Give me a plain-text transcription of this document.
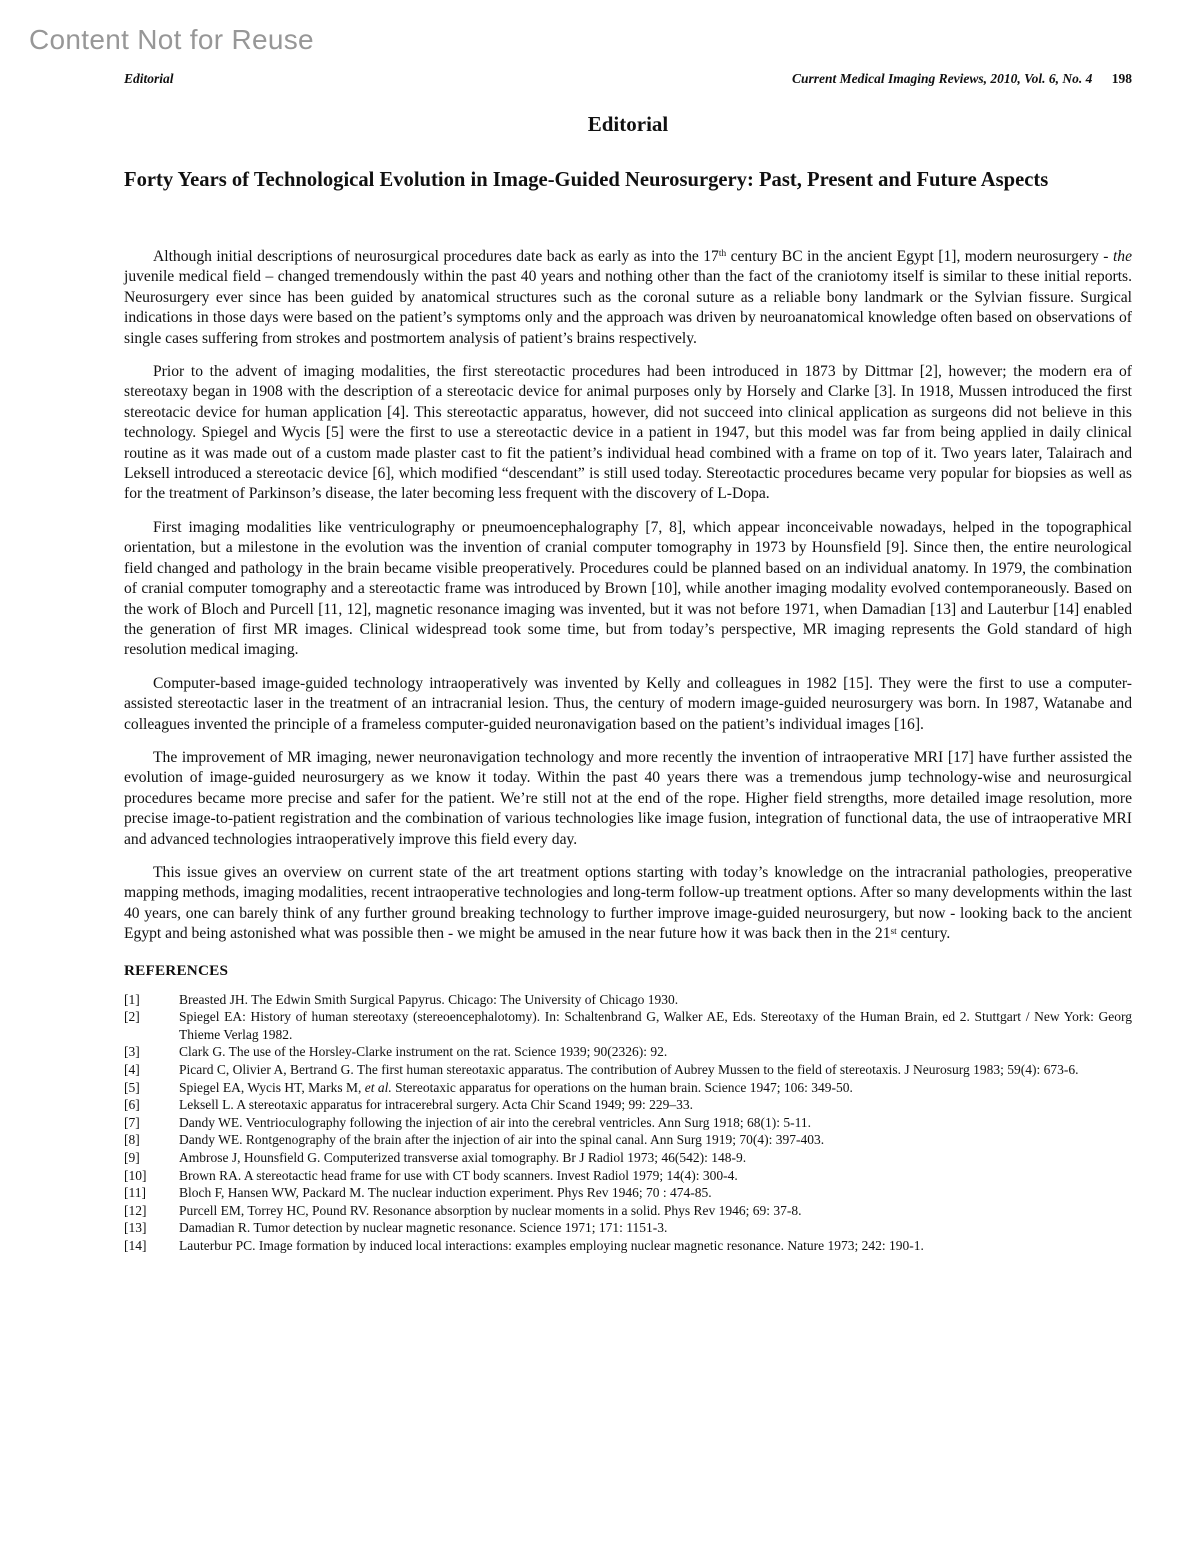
Content Not for Reuse
Editorial	Current Medical Imaging Reviews, 2010, Vol. 6, No. 4 198
Editorial
Forty Years of Technological Evolution in Image-Guided Neurosurgery: Past, Present and Future Aspects

Although initial descriptions of neurosurgical procedures date back as early as into the 17th century BC in the ancient Egypt [1], modern neurosurgery - the juvenile medical field – changed tremendously within the past 40 years and nothing other than the fact of the craniotomy itself is similar to these initial reports. Neurosurgery ever since has been guided by anatomical structures such as the coronal suture as a reliable bony landmark or the Sylvian fissure. Surgical indications in those days were based on the patient’s symptoms only and the approach was driven by neuroanatomical knowledge often based on observations of single cases suffering from strokes and postmortem analysis of patient’s brains respectively.

Prior to the advent of imaging modalities, the first stereotactic procedures had been introduced in 1873 by Dittmar [2], however; the modern era of stereotaxy began in 1908 with the description of a stereotacic device for animal purposes only by Horsely and Clarke [3]. In 1918, Mussen introduced the first stereotacic device for human application [4]. This stereotactic apparatus, however, did not succeed into clinical application as surgeons did not believe in this technology. Spiegel and Wycis [5] were the first to use a stereotactic device in a patient in 1947, but this model was far from being applied in daily clinical routine as it was made out of a custom made plaster cast to fit the patient’s individual head combined with a frame on top of it. Two years later, Talairach and Leksell introduced a stereotacic device [6], which modified “descendant” is still used today. Stereotactic procedures became very popular for biopsies as well as for the treatment of Parkinson’s disease, the later becoming less frequent with the discovery of L-Dopa.

First imaging modalities like ventriculography or pneumoencephalography [7, 8], which appear inconceivable nowadays, helped in the topographical orientation, but a milestone in the evolution was the invention of cranial computer tomography in 1973 by Hounsfield [9]. Since then, the entire neurological field changed and pathology in the brain became visible preoperatively. Procedures could be planned based on an individual anatomy. In 1979, the combination of cranial computer tomography and a stereotactic frame was introduced by Brown [10], while another imaging modality evolved contemporaneously. Based on the work of Bloch and Purcell [11, 12], magnetic resonance imaging was invented, but it was not before 1971, when Damadian [13] and Lauterbur [14] enabled the generation of first MR images. Clinical widespread took some time, but from today’s perspective, MR imaging represents the Gold standard of high resolution medical imaging.

Computer-based image-guided technology intraoperatively was invented by Kelly and colleagues in 1982 [15]. They were the first to use a computer-assisted stereotactic laser in the treatment of an intracranial lesion. Thus, the century of modern image-guided neurosurgery was born. In 1987, Watanabe and colleagues invented the principle of a frameless computer-guided neuronavigation based on the patient’s individual images [16].

The improvement of MR imaging, newer neuronavigation technology and more recently the invention of intraoperative MRI [17] have further assisted the evolution of image-guided neurosurgery as we know it today. Within the past 40 years there was a tremendous jump technology-wise and neurosurgical procedures became more precise and safer for the patient. We’re still not at the end of the rope. Higher field strengths, more detailed image resolution, more precise image-to-patient registration and the combination of various technologies like image fusion, integration of functional data, the use of intraoperative MRI and advanced technologies intraoperatively improve this field every day.

This issue gives an overview on current state of the art treatment options starting with today’s knowledge on the intracranial pathologies, preoperative mapping methods, imaging modalities, recent intraoperative technologies and long-term follow-up treatment options. After so many developments within the last 40 years, one can barely think of any further ground breaking technology to further improve image-guided neurosurgery, but now - looking back to the ancient Egypt and being astonished what was possible then - we might be amused in the near future how it was back then in the 21st century.

REFERENCES
[1]	Breasted JH. The Edwin Smith Surgical Papyrus. Chicago: The University of Chicago 1930.
[2]	Spiegel EA: History of human stereotaxy (stereoencephalotomy). In: Schaltenbrand G, Walker AE, Eds. Stereotaxy of the Human Brain, ed 2. Stuttgart / New York: Georg Thieme Verlag 1982.
[3]	Clark G. The use of the Horsley-Clarke instrument on the rat. Science 1939; 90(2326): 92.
[4]	Picard C, Olivier A, Bertrand G. The first human stereotaxic apparatus. The contribution of Aubrey Mussen to the field of stereotaxis. J Neurosurg 1983; 59(4): 673-6.
[5]	Spiegel EA, Wycis HT, Marks M, et al. Stereotaxic apparatus for operations on the human brain. Science 1947; 106: 349-50.
[6]	Leksell L. A stereotaxic apparatus for intracerebral surgery. Acta Chir Scand 1949; 99: 229–33.
[7]	Dandy WE. Ventrioculography following the injection of air into the cerebral ventricles. Ann Surg 1918; 68(1): 5-11.
[8]	Dandy WE. Rontgenography of the brain after the injection of air into the spinal canal. Ann Surg 1919; 70(4): 397-403.
[9]	Ambrose J, Hounsfield G. Computerized transverse axial tomography. Br J Radiol 1973; 46(542): 148-9.
[10]	Brown RA. A stereotactic head frame for use with CT body scanners. Invest Radiol 1979; 14(4): 300-4.
[11]	Bloch F, Hansen WW, Packard M. The nuclear induction experiment. Phys Rev 1946; 70 : 474-85.
[12]	Purcell EM, Torrey HC, Pound RV. Resonance absorption by nuclear moments in a solid. Phys Rev 1946; 69: 37-8.
[13]	Damadian R. Tumor detection by nuclear magnetic resonance. Science 1971; 171: 1151-3.
[14]	Lauterbur PC. Image formation by induced local interactions: examples employing nuclear magnetic resonance. Nature 1973; 242: 190-1.
